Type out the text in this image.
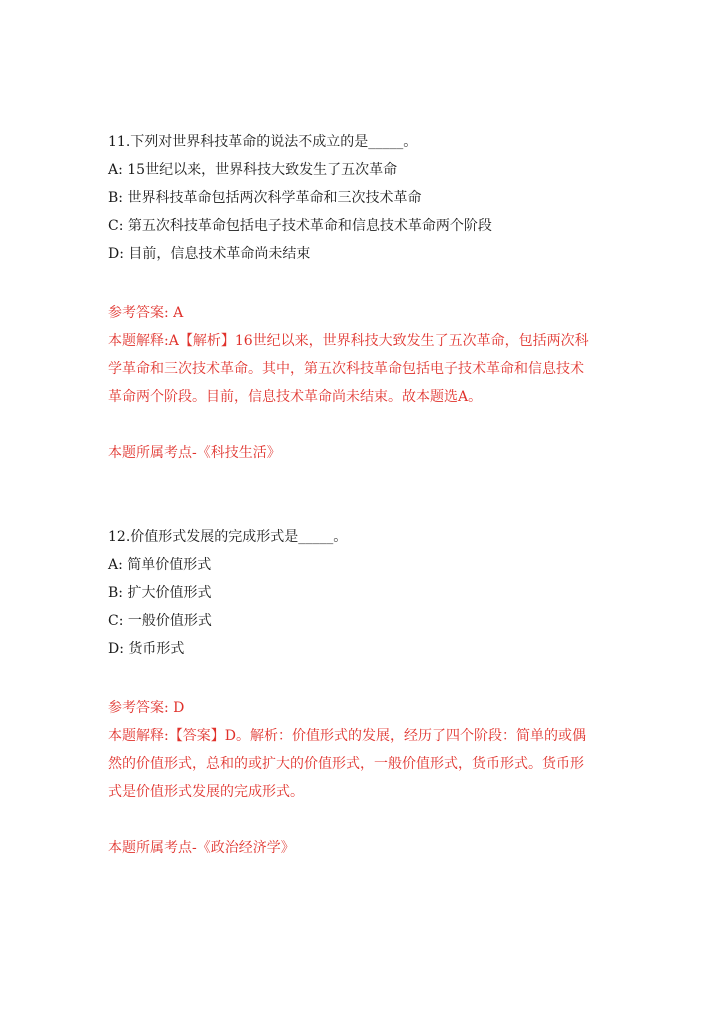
11.下列对世界科技革命的说法不成立的是_____。
A: 15世纪以来，世界科技大致发生了五次革命
B: 世界科技革命包括两次科学革命和三次技术革命
C: 第五次科技革命包括电子技术革命和信息技术革命两个阶段
D: 目前，信息技术革命尚未结束
参考答案: A
本题解释:A【解析】16世纪以来，世界科技大致发生了五次革命，包括两次科
学革命和三次技术革命。其中，第五次科技革命包括电子技术革命和信息技术
革命两个阶段。目前，信息技术革命尚未结束。故本题选A。
本题所属考点-《科技生活》
12.价值形式发展的完成形式是_____。
A: 简单价值形式
B: 扩大价值形式
C: 一般价值形式
D: 货币形式
参考答案: D
本题解释:【答案】D。解析：价值形式的发展，经历了四个阶段：简单的或偶
然的价值形式，总和的或扩大的价值形式，一般价值形式，货币形式。货币形
式是价值形式发展的完成形式。
本题所属考点-《政治经济学》
